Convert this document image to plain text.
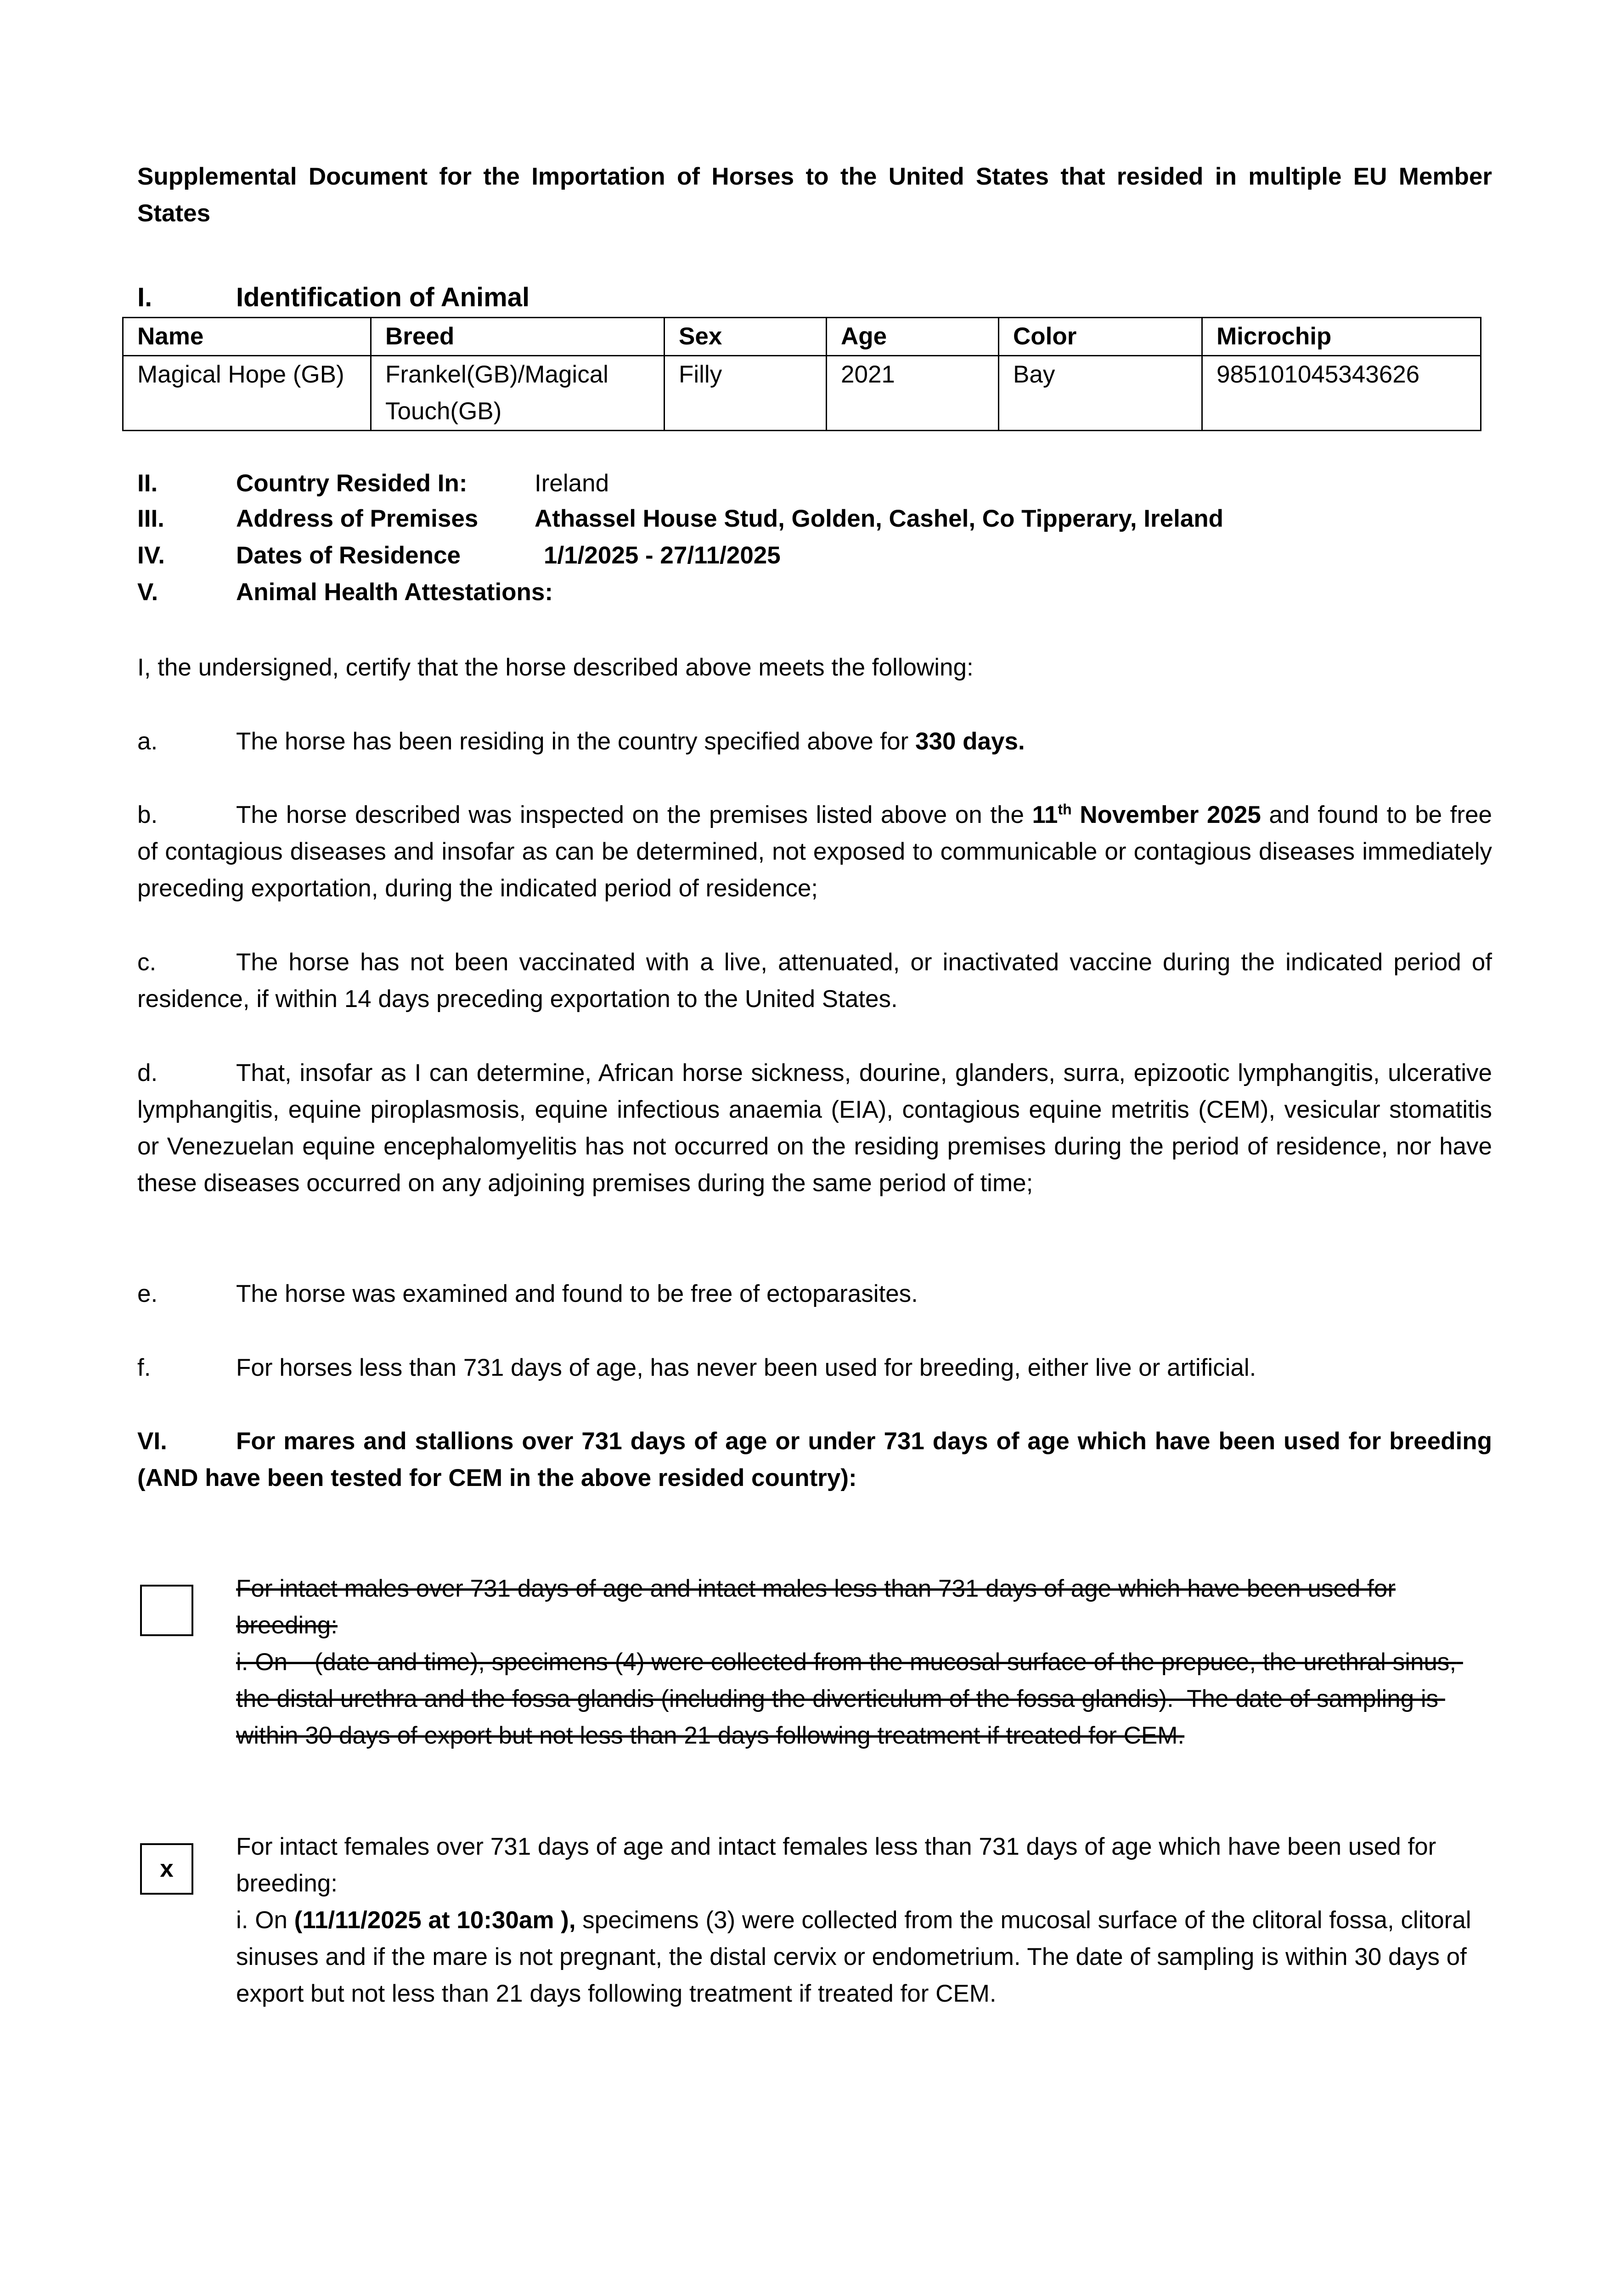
Supplemental Document for the Importation of Horses to the United States that resided in multiple EU Member States
I.	Identification of Animal
Name	Breed	Sex	Age	Color	Microchip
Magical Hope (GB)	Frankel(GB)/Magical Touch(GB)	Filly	2021	Bay	985101045343626
II.	Country Resided In:	Ireland
III.	Address of Premises Athassel House Stud, Golden, Cashel, Co Tipperary, Ireland
IV.	Dates of Residence	1/1/2025 - 27/11/2025
V.	Animal Health Attestations:
I, the undersigned, certify that the horse described above meets the following:
a.	The horse has been residing in the country specified above for 330 days.
b.	The horse described was inspected on the premises listed above on the 11th November 2025 and found to be free of contagious diseases and insofar as can be determined, not exposed to communicable or contagious diseases immediately preceding exportation, during the indicated period of residence;
c.	The horse has not been vaccinated with a live, attenuated, or inactivated vaccine during the indicated period of residence, if within 14 days preceding exportation to the United States.
d.	That, insofar as I can determine, African horse sickness, dourine, glanders, surra, epizootic lymphangitis, ulcerative lymphangitis, equine piroplasmosis, equine infectious anaemia (EIA), contagious equine metritis (CEM), vesicular stomatitis or Venezuelan equine encephalomyelitis has not occurred on the residing premises during the period of residence, nor have these diseases occurred on any adjoining premises during the same period of time;
e.	The horse was examined and found to be free of ectoparasites.
f.	For horses less than 731 days of age, has never been used for breeding, either live or artificial.
VI.	For mares and stallions over 731 days of age or under 731 days of age which have been used for breeding (AND have been tested for CEM in the above resided country):
For intact males over 731 days of age and intact males less than 731 days of age which have been used for breeding:
i. On    (date and time), specimens (4) were collected from the mucosal surface of the prepuce, the urethral sinus, the distal urethra and the fossa glandis (including the diverticulum of the fossa glandis).  The date of sampling is within 30 days of export but not less than 21 days following treatment if treated for CEM.
x
For intact females over 731 days of age and intact females less than 731 days of age which have been used for breeding:
i. On (11/11/2025 at 10:30am ), specimens (3) were collected from the mucosal surface of the clitoral fossa, clitoral sinuses and if the mare is not pregnant, the distal cervix or endometrium. The date of sampling is within 30 days of export but not less than 21 days following treatment if treated for CEM.
